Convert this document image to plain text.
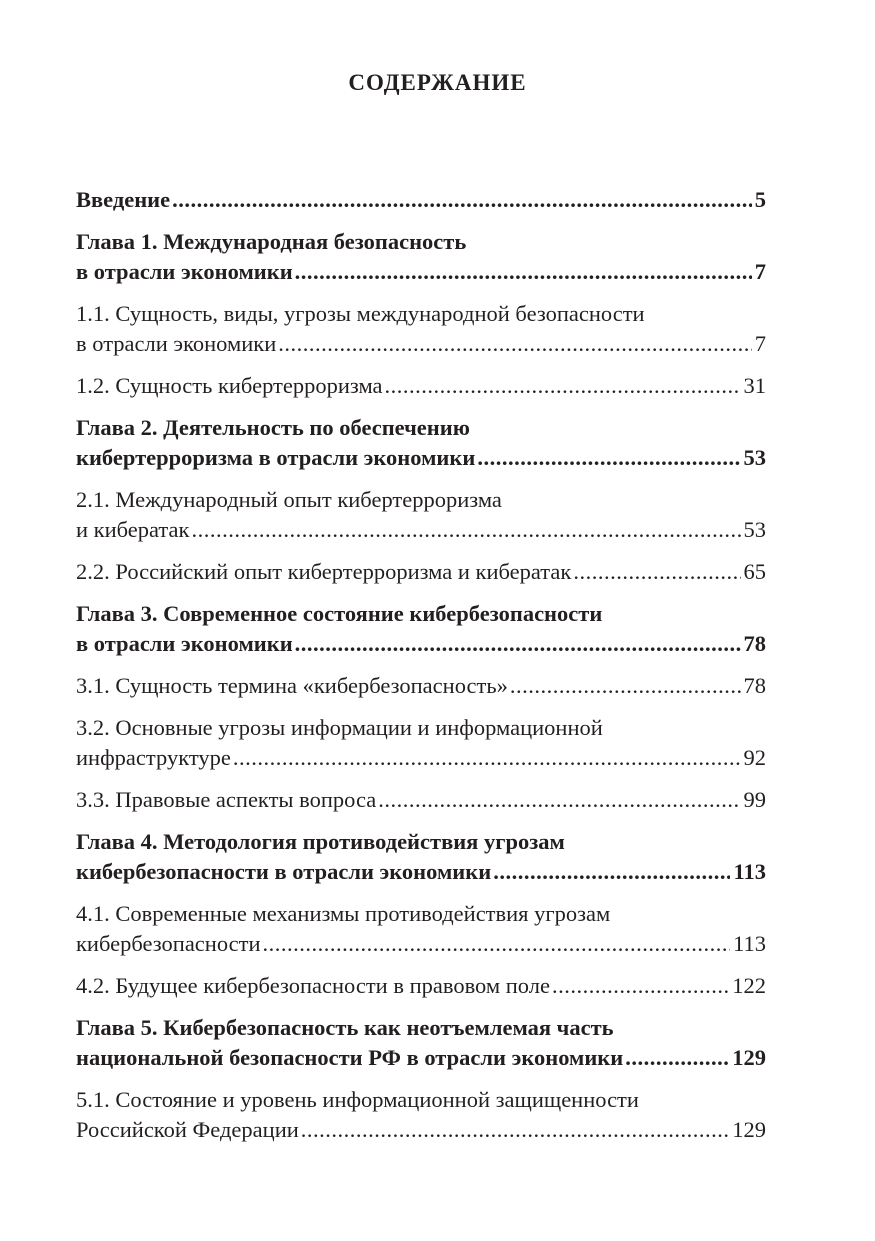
СОДЕРЖАНИЕ
Введение .....	5
Глава 1. Международная безопасность
в отрасли экономики .....	7
1.1. Сущность, виды, угрозы международной безопасности
в отрасли экономики .....	7
1.2. Сущность кибертерроризма .....	31
Глава 2. Деятельность по обеспечению
кибертерроризма в отрасли экономики .....	53
2.1. Международный опыт кибертерроризма
и кибератак .....	53
2.2. Российский опыт кибертерроризма и кибератак .....	65
Глава 3. Современное состояние кибербезопасности
в отрасли экономики .....	78
3.1. Сущность термина «кибербезопасность» .....	78
3.2. Основные угрозы информации и информационной
инфраструктуре .....	92
3.3. Правовые аспекты вопроса .....	99
Глава 4. Методология противодействия угрозам
кибербезопасности в отрасли экономики .....	113
4.1. Современные механизмы противодействия угрозам
кибербезопасности .....	113
4.2. Будущее кибербезопасности в правовом поле .....	122
Глава 5. Кибербезопасность как неотъемлемая часть
национальной безопасности РФ в отрасли экономики .....	129
5.1. Состояние и уровень информационной защищенности
Российской Федерации .....	129
